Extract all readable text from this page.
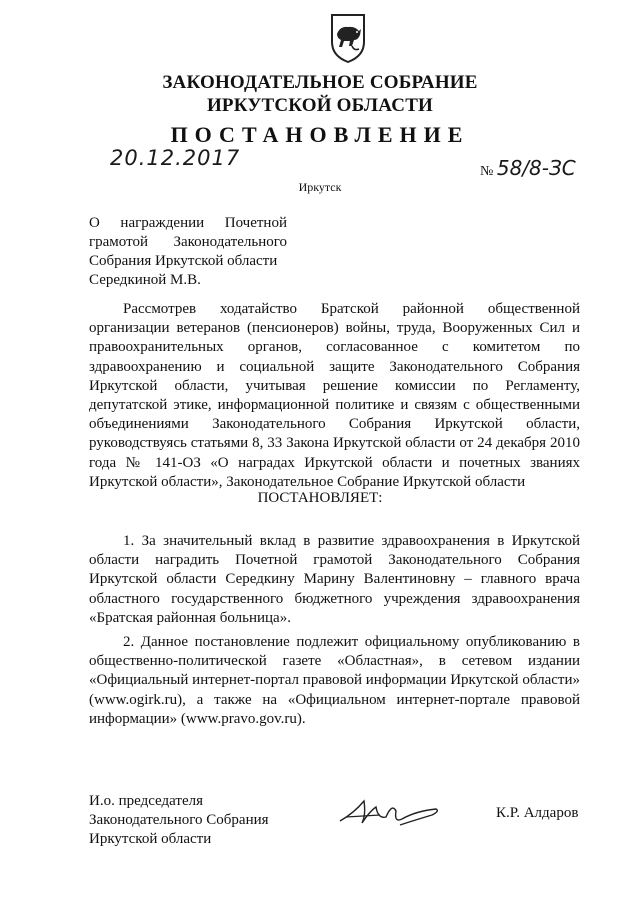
ЗАКОНОДАТЕЛЬНОЕ СОБРАНИЕ
ИРКУТСКОЙ ОБЛАСТИ
ПОСТАНОВЛЕНИЕ
20.12.2017
№ 58/8-ЗС
Иркутск
О награждении Почетной
грамотой Законодательного
Собрания Иркутской области
Середкиной М.В.
Рассмотрев ходатайство Братской районной общественной организации ветеранов (пенсионеров) войны, труда, Вооруженных Сил и правоохранительных органов, согласованное с комитетом по здравоохранению и социальной защите Законодательного Собрания Иркутской области, учитывая решение комиссии по Регламенту, депутатской этике, информационной политике и связям с общественными объединениями Законодательного Собрания Иркутской области, руководствуясь статьями 8, 33 Закона Иркутской области от 24 декабря 2010 года № 141-ОЗ «О наградах Иркутской области и почетных званиях Иркутской области», Законодательное Собрание Иркутской области
ПОСТАНОВЛЯЕТ:
1. За значительный вклад в развитие здравоохранения в Иркутской области наградить Почетной грамотой Законодательного Собрания Иркутской области Середкину Марину Валентиновну – главного врача областного государственного бюджетного учреждения здравоохранения «Братская районная больница».
2. Данное постановление подлежит официальному опубликованию в общественно-политической газете «Областная», в сетевом издании «Официальный интернет-портал правовой информации Иркутской области» (www.ogirk.ru), а также на «Официальном интернет-портале правовой информации» (www.pravo.gov.ru).
И.о. председателя
Законодательного Собрания
Иркутской области
К.Р. Алдаров
